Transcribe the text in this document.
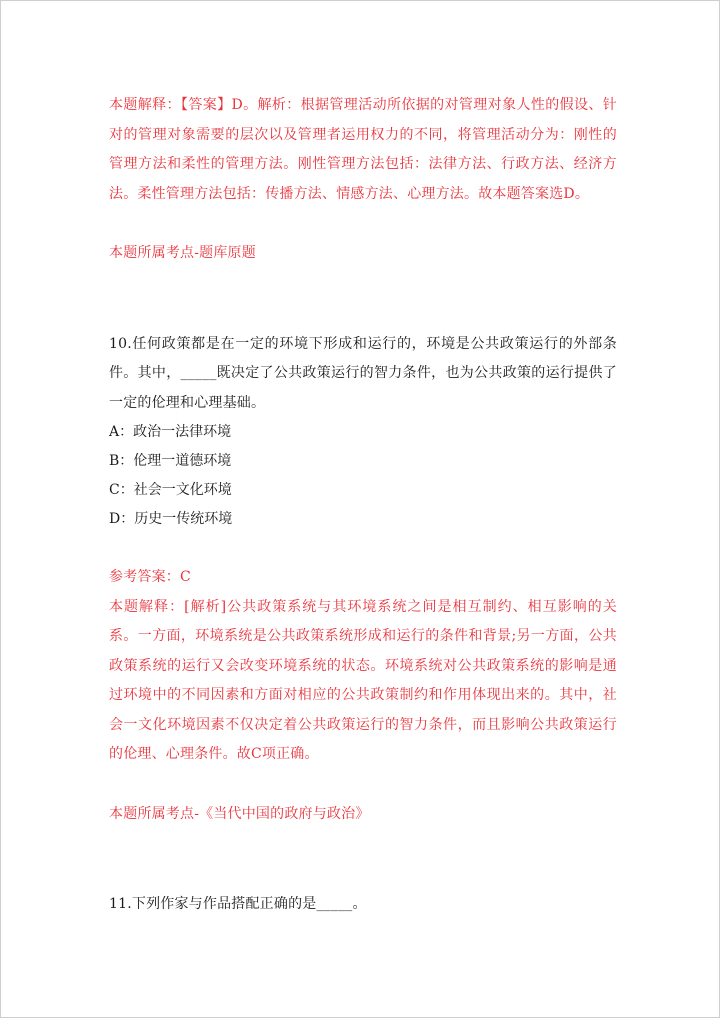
本题解释：【答案】D。解析：根据管理活动所依据的对管理对象人性的假设、针对的管理对象需要的层次以及管理者运用权力的不同，将管理活动分为：刚性的管理方法和柔性的管理方法。刚性管理方法包括：法律方法、行政方法、经济方法。柔性管理方法包括：传播方法、情感方法、心理方法。故本题答案选D。

本题所属考点-题库原题

10.任何政策都是在一定的环境下形成和运行的，环境是公共政策运行的外部条件。其中，_____既决定了公共政策运行的智力条件，也为公共政策的运行提供了一定的伦理和心理基础。

A：政治一法律环境

B：伦理一道德环境

C：社会一文化环境

D：历史一传统环境

参考答案：C

本题解释：[解析]公共政策系统与其环境系统之间是相互制约、相互影响的关系。一方面，环境系统是公共政策系统形成和运行的条件和背景;另一方面，公共政策系统的运行又会改变环境系统的状态。环境系统对公共政策系统的影响是通过环境中的不同因素和方面对相应的公共政策制约和作用体现出来的。其中，社会一文化环境因素不仅决定着公共政策运行的智力条件，而且影响公共政策运行的伦理、心理条件。故C项正确。

本题所属考点-《当代中国的政府与政治》

11.下列作家与作品搭配正确的是_____。
